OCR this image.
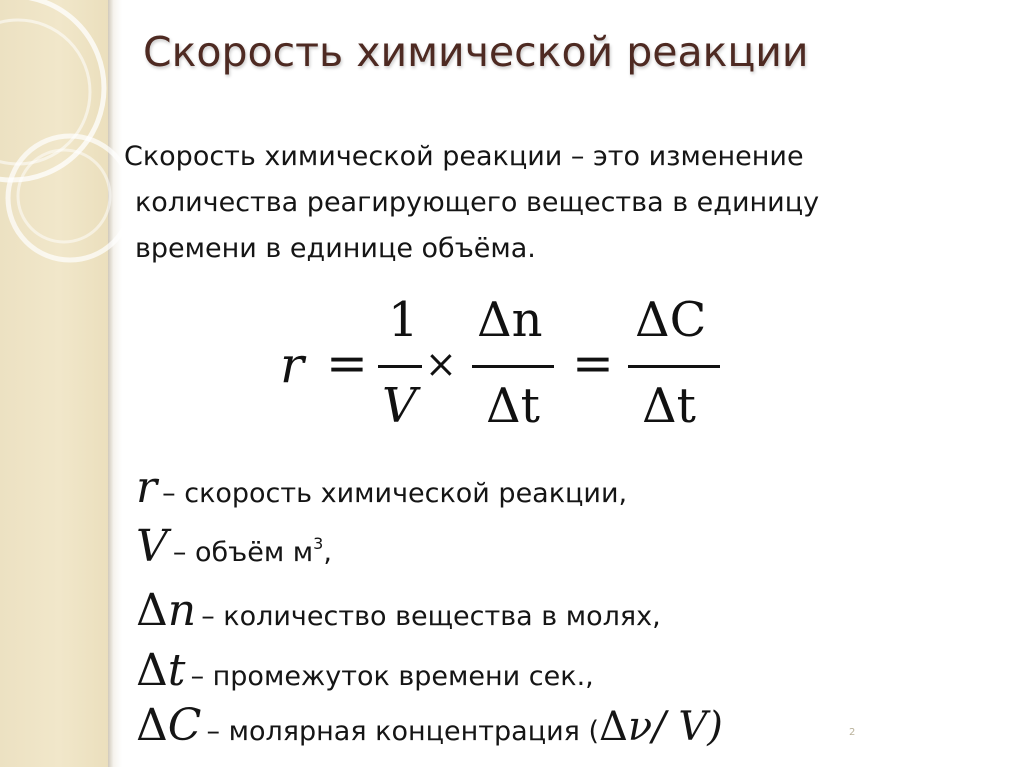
Скорость химической реакции
Скорость химической реакции – это изменение
количества реагирующего вещества в единицу
времени в единице объёма.
r =
1
V
×
Δn
Δt
=
ΔC
Δt
r – скорость химической реакции,
V – объём $м^3$,
Δn – количество вещества в молях,
Δt – промежуток времени сек.,
ΔC – молярная концентрация (Δν/ V)	2
